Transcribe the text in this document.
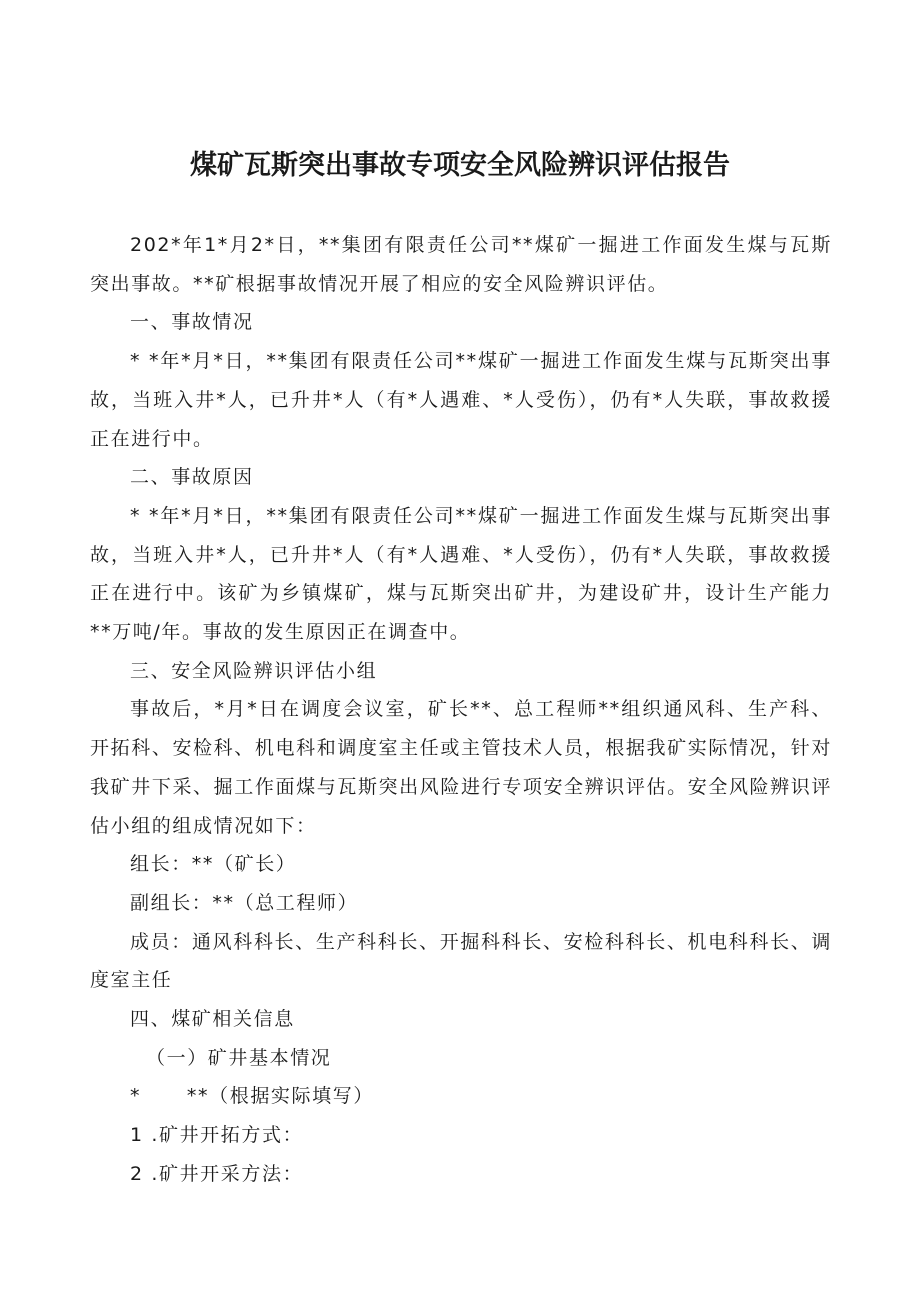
煤矿瓦斯突出事故专项安全风险辨识评估报告

202*年1*月2*日，**集团有限责任公司**煤矿一掘进工作面发生煤与瓦斯突出事故。**矿根据事故情况开展了相应的安全风险辨识评估。

一、事故情况

* *年*月*日，**集团有限责任公司**煤矿一掘进工作面发生煤与瓦斯突出事故，当班入井*人，已升井*人（有*人遇难、*人受伤），仍有*人失联，事故救援正在进行中。

二、事故原因

* *年*月*日，**集团有限责任公司**煤矿一掘进工作面发生煤与瓦斯突出事故，当班入井*人，已升井*人（有*人遇难、*人受伤），仍有*人失联，事故救援正在进行中。该矿为乡镇煤矿，煤与瓦斯突出矿井，为建设矿井，设计生产能力**万吨/年。事故的发生原因正在调查中。

三、安全风险辨识评估小组

事故后，*月*日在调度会议室，矿长**、总工程师**组织通风科、生产科、开拓科、安检科、机电科和调度室主任或主管技术人员，根据我矿实际情况，针对我矿井下采、掘工作面煤与瓦斯突出风险进行专项安全辨识评估。安全风险辨识评估小组的组成情况如下：

组长：**（矿长）

副组长：**（总工程师）

成员：通风科科长、生产科科长、开掘科科长、安检科科长、机电科科长、调度室主任

四、煤矿相关信息

（一）矿井基本情况

*      **（根据实际填写）

1 .矿井开拓方式：

2 .矿井开采方法：
